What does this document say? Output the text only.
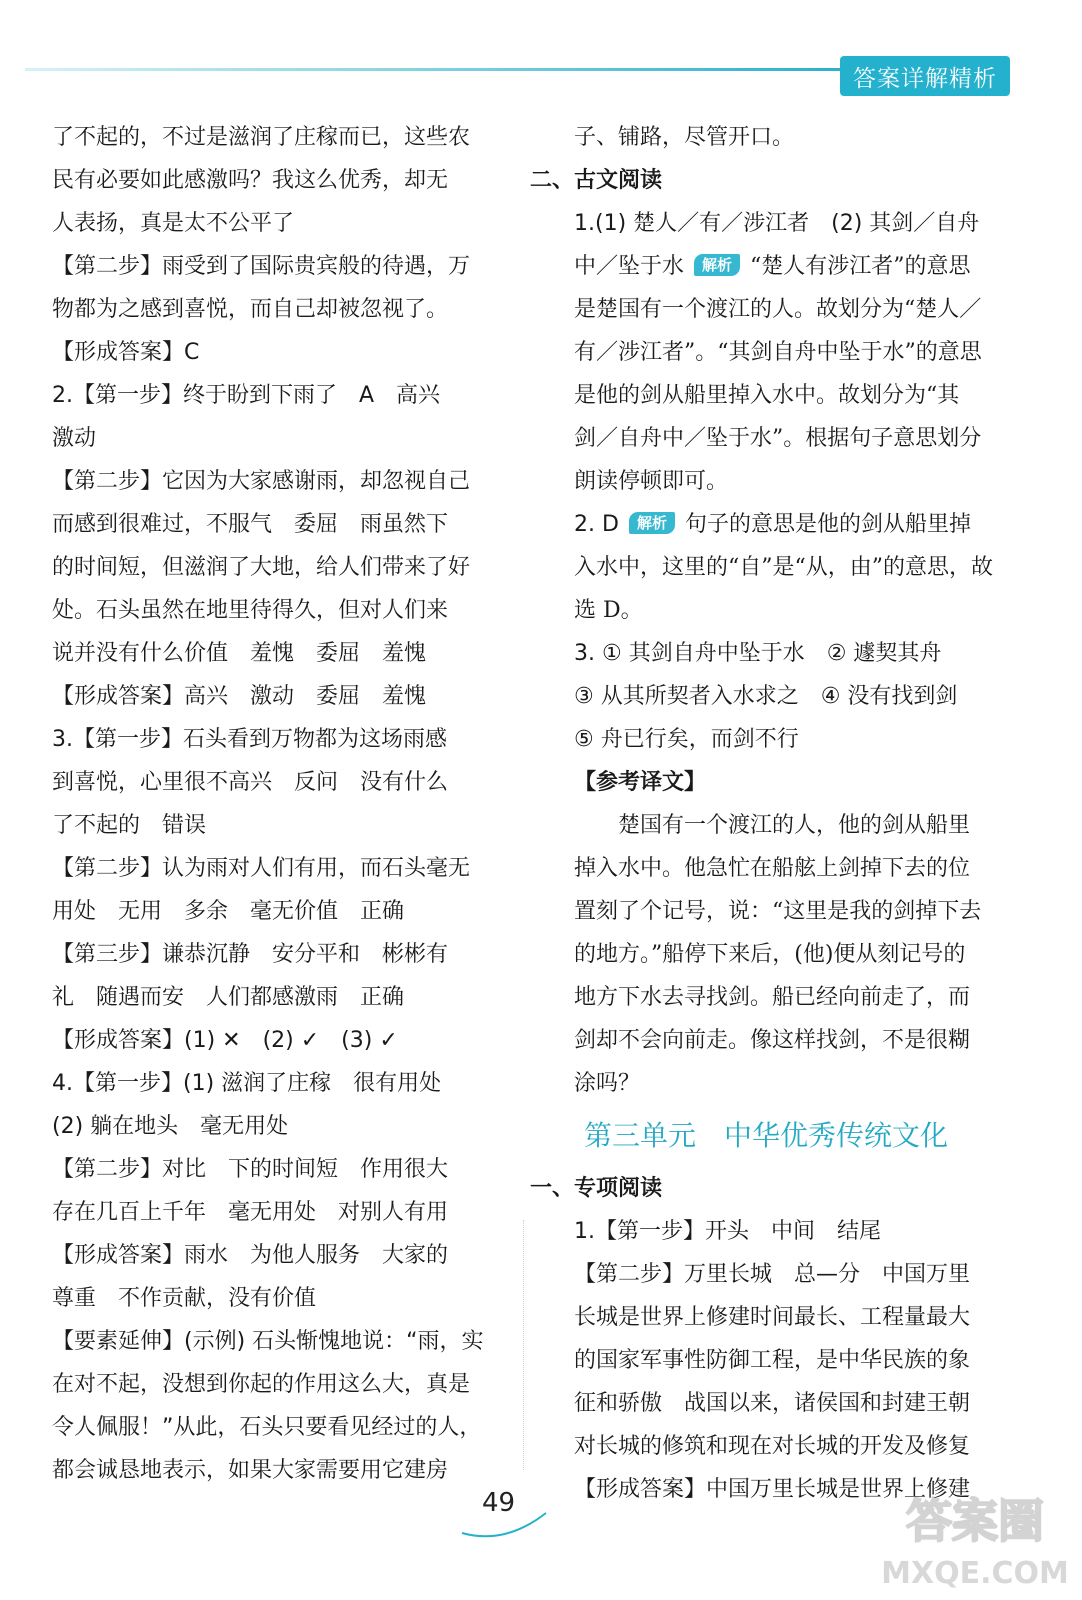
答案详解精析
了不起的，不过是滋润了庄稼而已，这些农
民有必要如此感激吗？我这么优秀，却无
人表扬，真是太不公平了
【第二步】雨受到了国际贵宾般的待遇，万
物都为之感到喜悦，而自己却被忽视了。
【形成答案】C
2.【第一步】终于盼到下雨了　A　高兴
激动
【第二步】它因为大家感谢雨，却忽视自己
而感到很难过，不服气　委屈　雨虽然下
的时间短，但滋润了大地，给人们带来了好
处。石头虽然在地里待得久，但对人们来
说并没有什么价值　羞愧　委屈　羞愧
【形成答案】高兴　激动　委屈　羞愧
3.【第一步】石头看到万物都为这场雨感
到喜悦，心里很不高兴　反问　没有什么
了不起的　错误
【第二步】认为雨对人们有用，而石头毫无
用处　无用　多余　毫无价值　正确
【第三步】谦恭沉静　安分平和　彬彬有
礼　随遇而安　人们都感激雨　正确
【形成答案】(1) ✕　(2) ✓　(3) ✓
4.【第一步】(1) 滋润了庄稼　很有用处
(2) 躺在地头　毫无用处
【第二步】对比　下的时间短　作用很大
存在几百上千年　毫无用处　对别人有用
【形成答案】雨水　为他人服务　大家的
尊重　不作贡献，没有价值
【要素延伸】(示例) 石头惭愧地说：“雨，实
在对不起，没想到你起的作用这么大，真是
令人佩服！”从此，石头只要看见经过的人，
都会诚恳地表示，如果大家需要用它建房
子、铺路，尽管开口。
二、古文阅读
1.(1) 楚人／有／涉江者　(2) 其剑／自舟
中／坠于水 解析 “楚人有涉江者”的意思
是楚国有一个渡江的人。故划分为“楚人／
有／涉江者”。“其剑自舟中坠于水”的意思
是他的剑从船里掉入水中。故划分为“其
剑／自舟中／坠于水”。根据句子意思划分
朗读停顿即可。
2. D 解析 句子的意思是他的剑从船里掉
入水中，这里的“自”是“从，由”的意思，故
选 D。
3. ① 其剑自舟中坠于水　② 遽契其舟
③ 从其所契者入水求之　④ 没有找到剑
⑤ 舟已行矣，而剑不行
【参考译文】
楚国有一个渡江的人，他的剑从船里
掉入水中。他急忙在船舷上剑掉下去的位
置刻了个记号，说：“这里是我的剑掉下去
的地方。”船停下来后，(他)便从刻记号的
地方下水去寻找剑。船已经向前走了，而
剑却不会向前走。像这样找剑，不是很糊
涂吗？
第三单元　中华优秀传统文化
一、专项阅读
1.【第一步】开头　中间　结尾
【第二步】万里长城　总—分　中国万里
长城是世界上修建时间最长、工程量最大
的国家军事性防御工程，是中华民族的象
征和骄傲　战国以来，诸侯国和封建王朝
对长城的修筑和现在对长城的开发及修复
【形成答案】中国万里长城是世界上修建
49	答案圈
MXQE.COM
